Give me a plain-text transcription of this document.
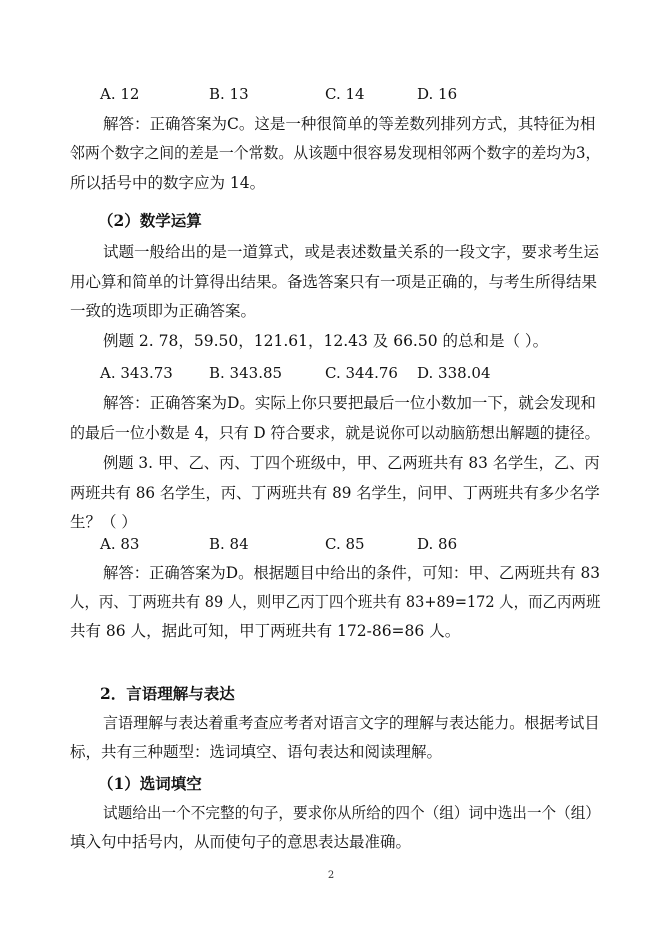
A. 12	B. 13	C. 14	D. 16
解答：正确答案为C。这是一种很简单的等差数列排列方式，其特征为相
邻两个数字之间的差是一个常数。从该题中很容易发现相邻两个数字的差均为3，
所以括号中的数字应为 14。
（2）数学运算
试题一般给出的是一道算式，或是表述数量关系的一段文字，要求考生运
用心算和简单的计算得出结果。备选答案只有一项是正确的，与考生所得结果
一致的选项即为正确答案。
例题 2. 78，59.50，121.61，12.43 及 66.50 的总和是（ ）。
A. 343.73 B. 343.85	C. 344.76 D. 338.04
解答：正确答案为D。实际上你只要把最后一位小数加一下，就会发现和
的最后一位小数是 4，只有 D 符合要求，就是说你可以动脑筋想出解题的捷径。
例题 3. 甲、乙、丙、丁四个班级中，甲、乙两班共有 83 名学生，乙、丙
两班共有 86 名学生，丙、丁两班共有 89 名学生，问甲、丁两班共有多少名学
生？（ ）
A. 83	B. 84	C. 85	D. 86
解答：正确答案为D。根据题目中给出的条件，可知：甲、乙两班共有 83
人，丙、丁两班共有 89 人，则甲乙丙丁四个班共有 83+89=172 人，而乙丙两班
共有 86 人，据此可知，甲丁两班共有 172-86=86 人。
2．言语理解与表达
言语理解与表达着重考查应考者对语言文字的理解与表达能力。根据考试目
标，共有三种题型：选词填空、语句表达和阅读理解。
（1）选词填空
试题给出一个不完整的句子，要求你从所给的四个（组）词中选出一个（组）
填入句中括号内，从而使句子的意思表达最准确。
2
